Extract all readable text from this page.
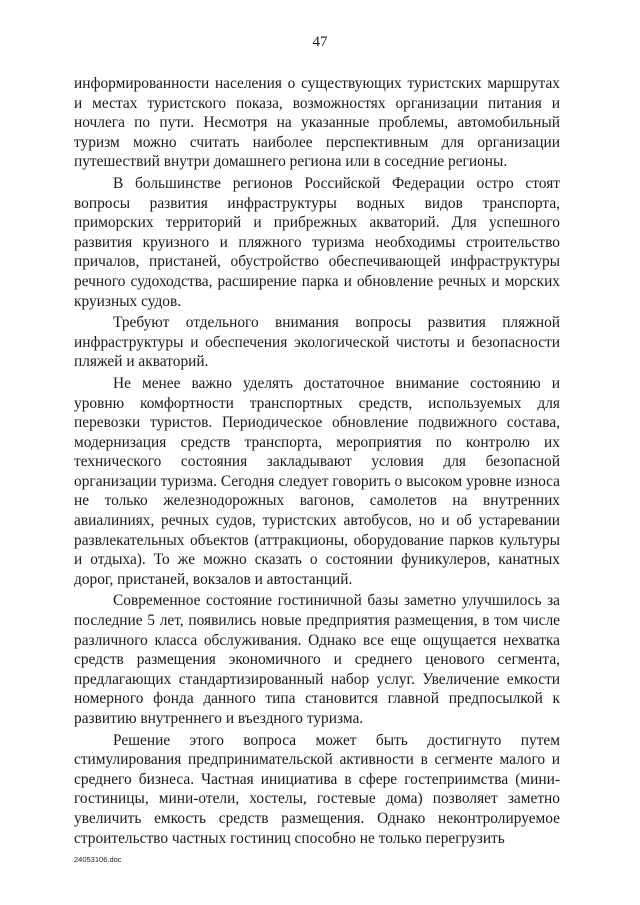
47

информированности населения о существующих туристских маршрутах и местах туристского показа, возможностях организации питания и ночлега по пути. Несмотря на указанные проблемы, автомобильный туризм можно считать наиболее перспективным для организации путешествий внутри домашнего региона или в соседние регионы.

В большинстве регионов Российской Федерации остро стоят вопросы развития инфраструктуры водных видов транспорта, приморских территорий и прибрежных акваторий. Для успешного развития круизного и пляжного туризма необходимы строительство причалов, пристаней, обустройство обеспечивающей инфраструктуры речного судоходства, расширение парка и обновление речных и морских круизных судов.

Требуют отдельного внимания вопросы развития пляжной инфраструктуры и обеспечения экологической чистоты и безопасности пляжей и акваторий.

Не менее важно уделять достаточное внимание состоянию и уровню комфортности транспортных средств, используемых для перевозки туристов. Периодическое обновление подвижного состава, модернизация средств транспорта, мероприятия по контролю их технического состояния закладывают условия для безопасной организации туризма. Сегодня следует говорить о высоком уровне износа не только железнодорожных вагонов, самолетов на внутренних авиалиниях, речных судов, туристских автобусов, но и об устаревании развлекательных объектов (аттракционы, оборудование парков культуры и отдыха). То же можно сказать о состоянии фуникулеров, канатных дорог, пристаней, вокзалов и автостанций.

Современное состояние гостиничной базы заметно улучшилось за последние 5 лет, появились новые предприятия размещения, в том числе различного класса обслуживания. Однако все еще ощущается нехватка средств размещения экономичного и среднего ценового сегмента, предлагающих стандартизированный набор услуг. Увеличение емкости номерного фонда данного типа становится главной предпосылкой к развитию внутреннего и въездного туризма.

Решение этого вопроса может быть достигнуто путем стимулирования предпринимательской активности в сегменте малого и среднего бизнеса. Частная инициатива в сфере гостеприимства (мини-гостиницы, мини-отели, хостелы, гостевые дома) позволяет заметно увеличить емкость средств размещения. Однако неконтролируемое строительство частных гостиниц способно не только перегрузить

24053106.doc
